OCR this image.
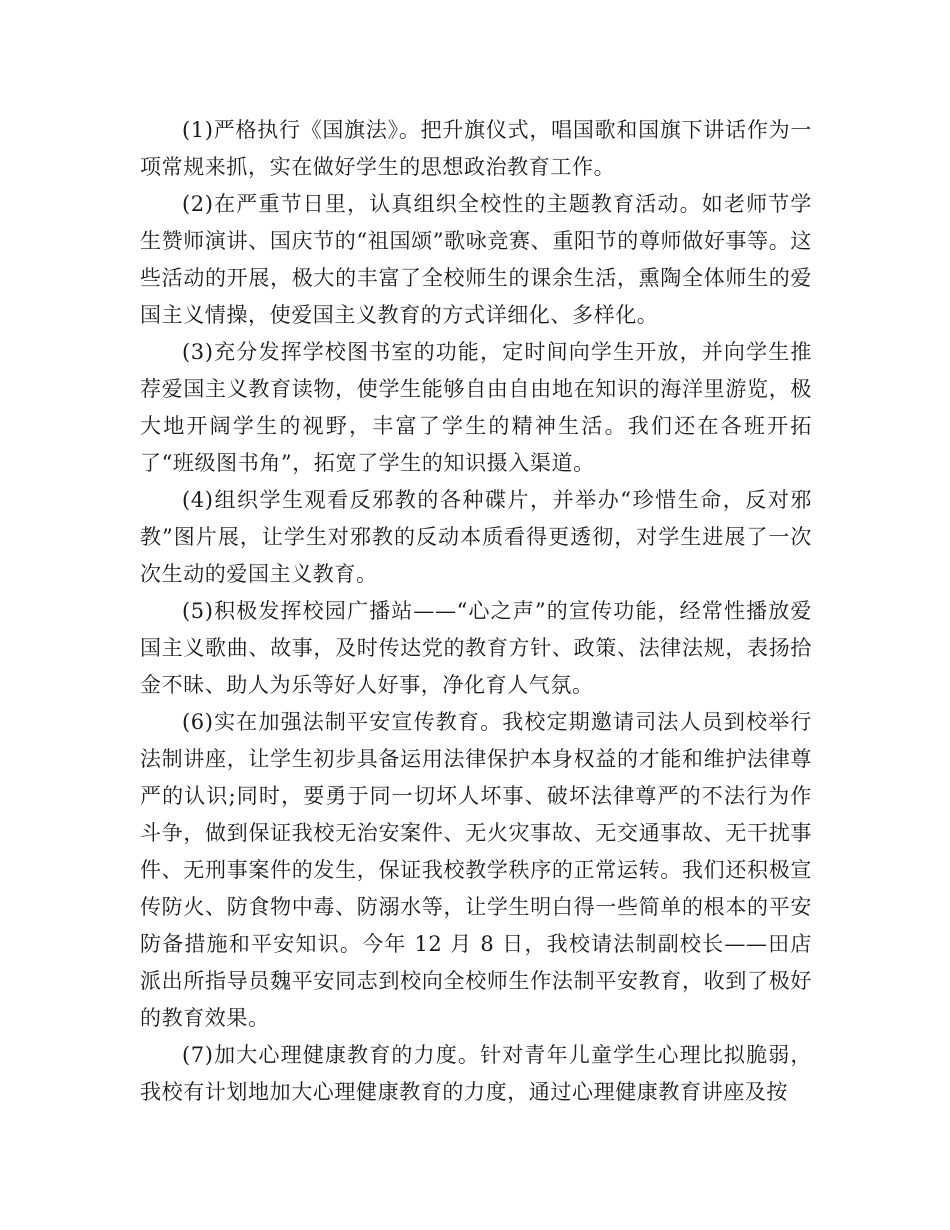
(1)严格执行《国旗法》。把升旗仪式，唱国歌和国旗下讲话作为一项常规来抓，实在做好学生的思想政治教育工作。

(2)在严重节日里，认真组织全校性的主题教育活动。如老师节学生赞师演讲、国庆节的“祖国颂”歌咏竞赛、重阳节的尊师做好事等。这些活动的开展，极大的丰富了全校师生的课余生活，熏陶全体师生的爱国主义情操，使爱国主义教育的方式详细化、多样化。

(3)充分发挥学校图书室的功能，定时间向学生开放，并向学生推荐爱国主义教育读物，使学生能够自由自由地在知识的海洋里游览，极大地开阔学生的视野，丰富了学生的精神生活。我们还在各班开拓了“班级图书角”，拓宽了学生的知识摄入渠道。

(4)组织学生观看反邪教的各种碟片，并举办“珍惜生命，反对邪教”图片展，让学生对邪教的反动本质看得更透彻，对学生进展了一次次生动的爱国主义教育。

(5)积极发挥校园广播站——“心之声”的宣传功能，经常性播放爱国主义歌曲、故事，及时传达党的教育方针、政策、法律法规，表扬拾金不昧、助人为乐等好人好事，净化育人气氛。

(6)实在加强法制平安宣传教育。我校定期邀请司法人员到校举行法制讲座，让学生初步具备运用法律保护本身权益的才能和维护法律尊严的认识;同时，要勇于同一切坏人坏事、破坏法律尊严的不法行为作斗争，做到保证我校无治安案件、无火灾事故、无交通事故、无干扰事件、无刑事案件的发生，保证我校教学秩序的正常运转。我们还积极宣传防火、防食物中毒、防溺水等，让学生明白得一些简单的根本的平安防备措施和平安知识。今年 12 月 8 日，我校请法制副校长——田店派出所指导员魏平安同志到校向全校师生作法制平安教育，收到了极好的教育效果。

(7)加大心理健康教育的力度。针对青年儿童学生心理比拟脆弱，我校有计划地加大心理健康教育的力度，通过心理健康教育讲座及按
